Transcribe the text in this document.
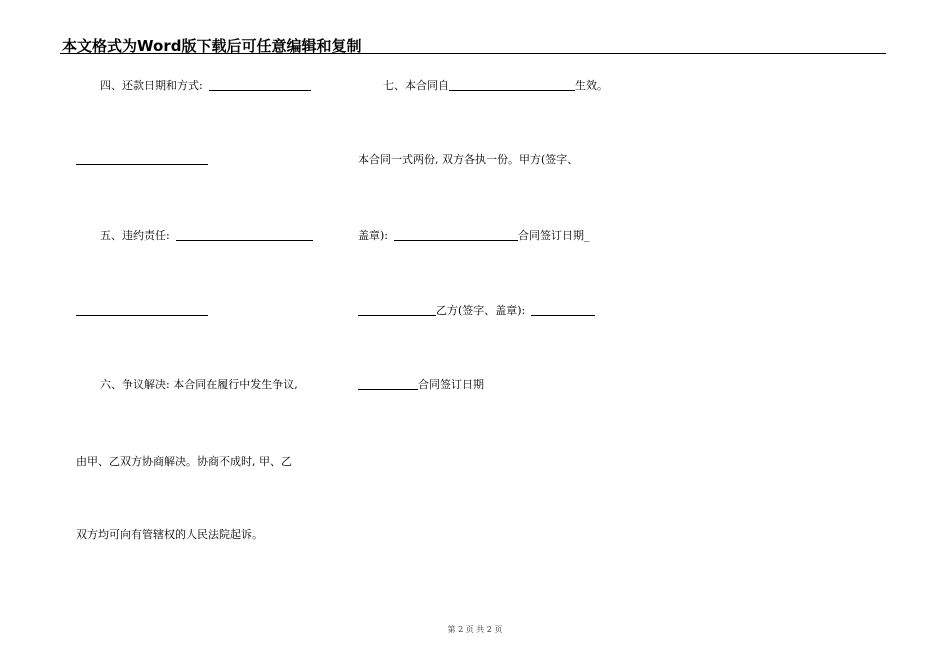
本文格式为Word版下载后可任意编辑和复制
四、还款日期和方式:
五、违约责任:
六、争议解决: 本合同在履行中发生争议,
由甲、乙双方协商解决。协商不成时, 甲、乙
双方均可向有管辖权的人民法院起诉。
七、本合同自	生效。
本合同一式两份, 双方各执一份。甲方(签字、
盖章):	合同签订日期_
乙方(签字、盖章):
合同签订日期
第 2 页 共 2 页
